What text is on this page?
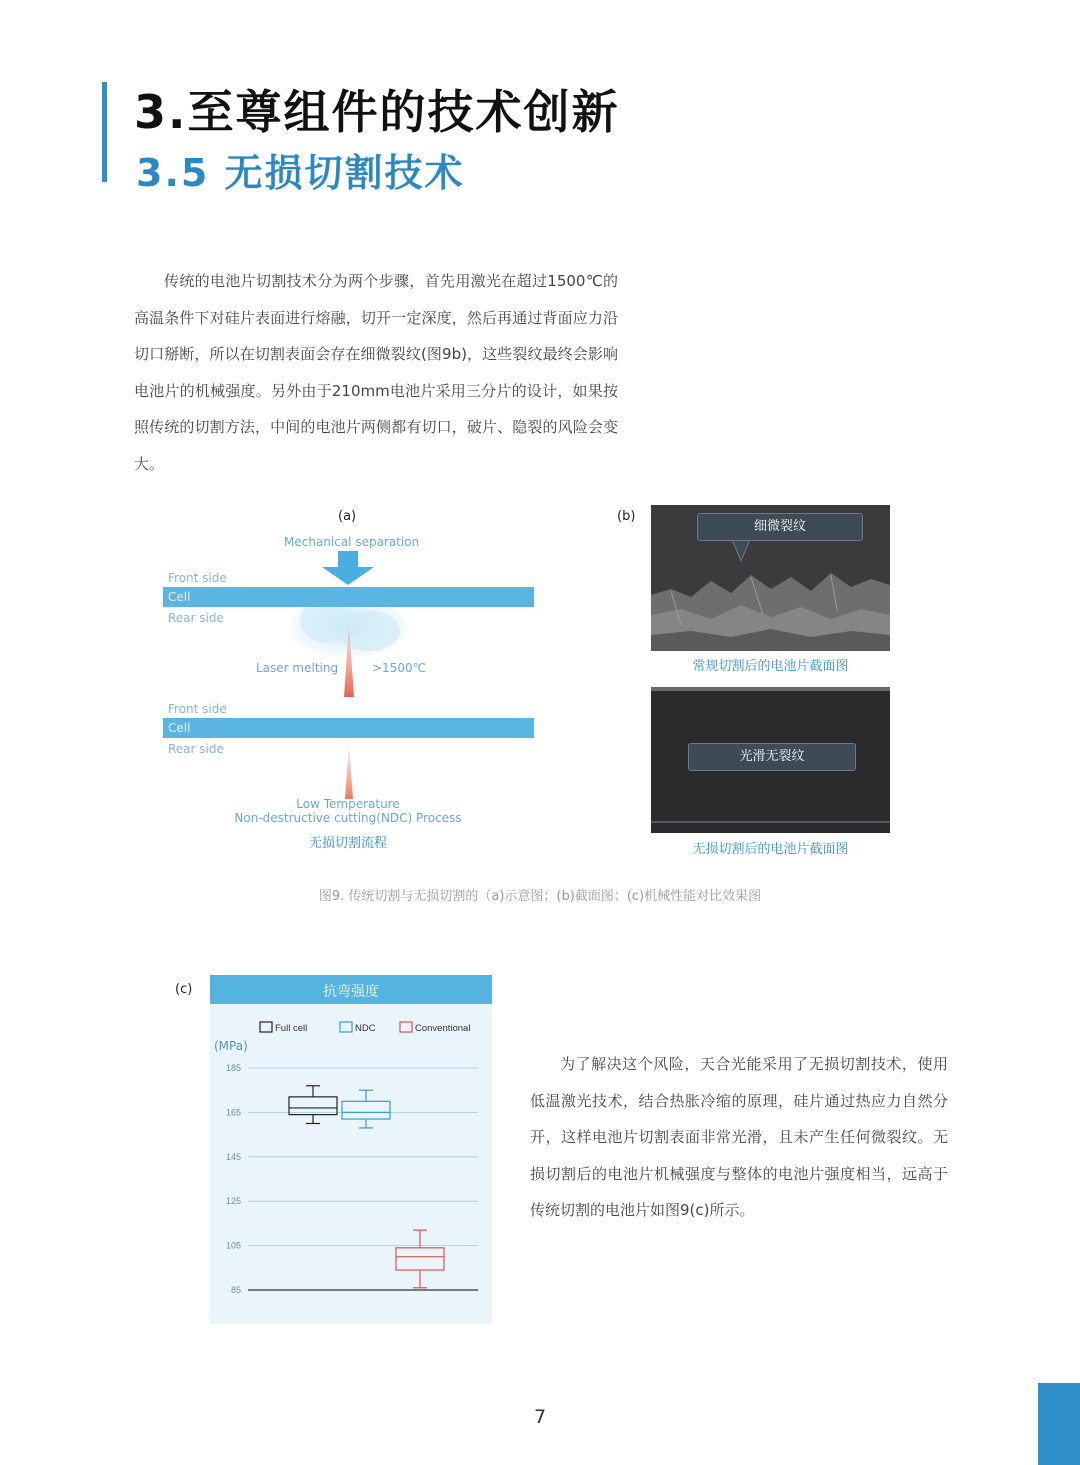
3.至尊组件的技术创新
3.5 无损切割技术

传统的电池片切割技术分为两个步骤，首先用激光在超过1500℃的高温条件下对硅片表面进行熔融，切开一定深度，然后再通过背面应力沿切口掰断，所以在切割表面会存在细微裂纹(图9b)，这些裂纹最终会影响电池片的机械强度。另外由于210mm电池片采用三分片的设计，如果按照传统的切割方法，中间的电池片两侧都有切口，破片、隐裂的风险会变大。

(a)
Mechanical separation
Front side
Cell
Rear side
Laser melting	>1500℃
Front side
Cell
Rear side
Low Temperature
Non-destructive cutting(NDC) Process
无损切割流程
(b)
细微裂纹
常规切割后的电池片截面图
光滑无裂纹
无损切割后的电池片截面图
图9. 传统切割与无损切割的（a)示意图；(b)截面图；(c)机械性能对比效果图
(c)	抗弯强度
(MPa)
185
165
145
125
105
85
Full cell	NDC	Conventional

为了解决这个风险，天合光能采用了无损切割技术，使用低温激光技术，结合热胀冷缩的原理，硅片通过热应力自然分开，这样电池片切割表面非常光滑，且未产生任何微裂纹。无损切割后的电池片机械强度与整体的电池片强度相当，远高于传统切割的电池片如图9(c)所示。

7
